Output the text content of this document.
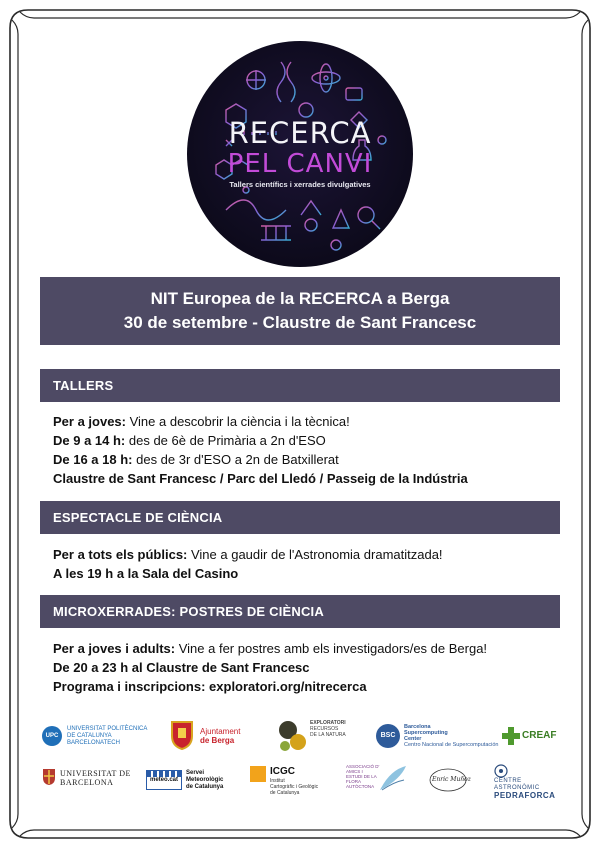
RECERCA
PEL CANVI
Tallers científics i xerrades divulgatives
NIT Europea de la RECERCA a Berga
30 de setembre - Claustre de Sant Francesc
TALLERS
Per a joves: Vine a descobrir la ciència i la tècnica!
De 9 a 14 h: des de 6è de Primària a 2n d'ESO
De 16 a 18 h: des de 3r d'ESO a 2n de Batxillerat
Claustre de Sant Francesc / Parc del Lledó / Passeig de la Indústria
ESPECTACLE DE CIÈNCIA
Per a tots els públics: Vine a gaudir de l'Astronomia dramatitzada!
A les 19 h a la Sala del Casino
MICROXERRADES: POSTRES DE CIÈNCIA
Per a joves i adults: Vine a fer postres amb els investigadors/es de Berga!
De 20 a 23 h al Claustre de Sant Francesc
Programa i inscripcions: exploratori.org/nitrecerca
UPC
UNIVERSITAT POLITÈCNICA
DE CATALUNYA
BARCELONATECH
Ajuntament
de Berga
EXPLORATORI
RECURSOS
DE LA NATURA	BSC
Barcelona
Supercomputing
Center
Centro Nacional de Supercomputación
CREAF
UNIVERSITAT DE
BARCELONA	meteo.cat
Servei
Meteorològic
de Catalunya
ICGC
Institut
Cartogràfic i Geològic
de Catalunya
ASSOCIACIÓ D'
AMICS I
ESTUDI DE LA
FLORA
AUTÒCTONA
Enric Muñoz	CENTRE
ASTRONÒMIC
PEDRAFORCA
